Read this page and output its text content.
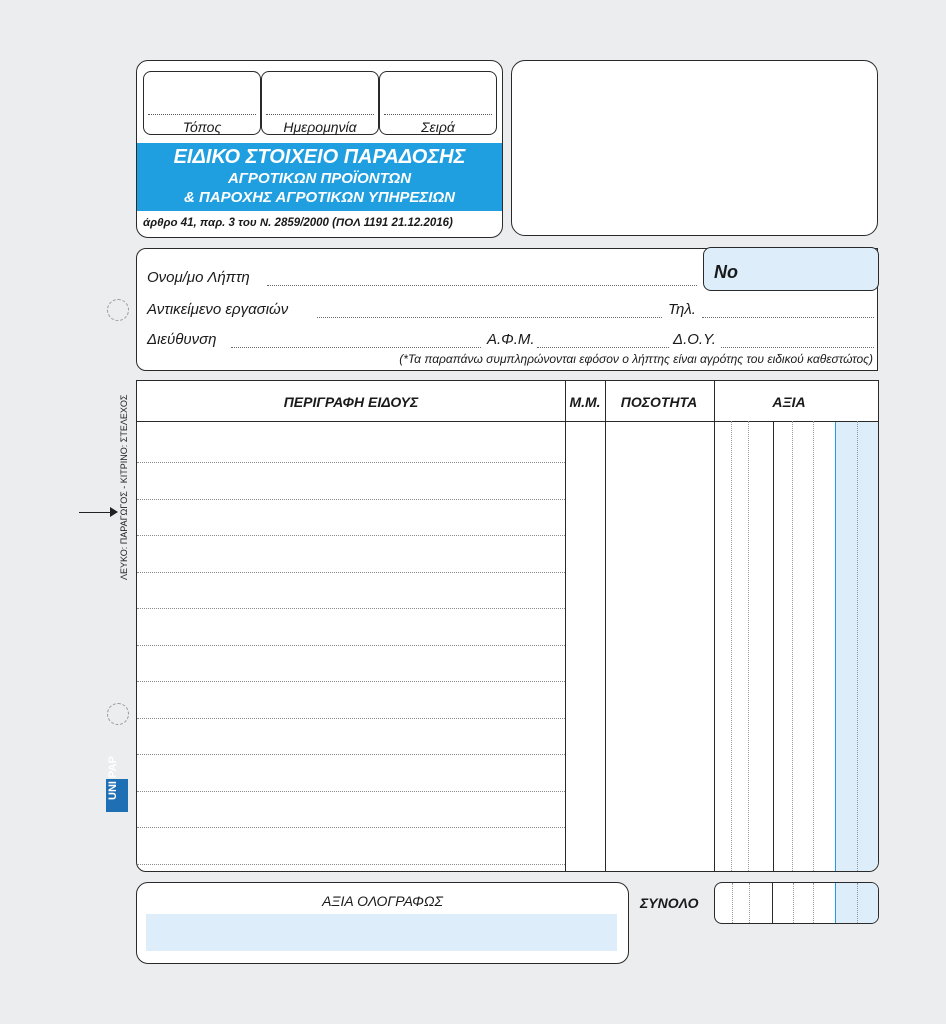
Τόπος	Ημερομηνία	Σειρά
ΕΙΔΙΚΟ ΣΤΟΙΧΕΙΟ ΠΑΡΑΔΟΣΗΣ
ΑΓΡΟΤΙΚΩΝ ΠΡΟΪΟΝΤΩΝ
& ΠΑΡΟΧΗΣ ΑΓΡΟΤΙΚΩΝ ΥΠΗΡΕΣΙΩΝ
άρθρο 41, παρ. 3 του Ν. 2859/2000 (ΠΟΛ 1191 21.12.2016)
Ονομ/μο Λήπτη
Αντικείμενο εργασιών	Τηλ.
Διεύθυνση	Α.Φ.Μ.	Δ.Ο.Υ.
(*Τα παραπάνω συμπληρώνονται εφόσον ο λήπτης είναι αγρότης του ειδικού καθεστώτος)
No
ΠΕΡΙΓΡΑΦΗ ΕΙΔΟΥΣ	Μ.Μ.	ΠΟΣΟΤΗΤΑ	ΑΞΙΑ
ΛΕΥΚΟ: ΠΑΡΑΓΩΓΟΣ - ΚΙΤΡΙΝΟ: ΣΤΕΛΕΧΟΣ
UNI PAP
ΑΞΙΑ ΟΛΟΓΡΑΦΩΣ	ΣΥΝΟΛΟ
